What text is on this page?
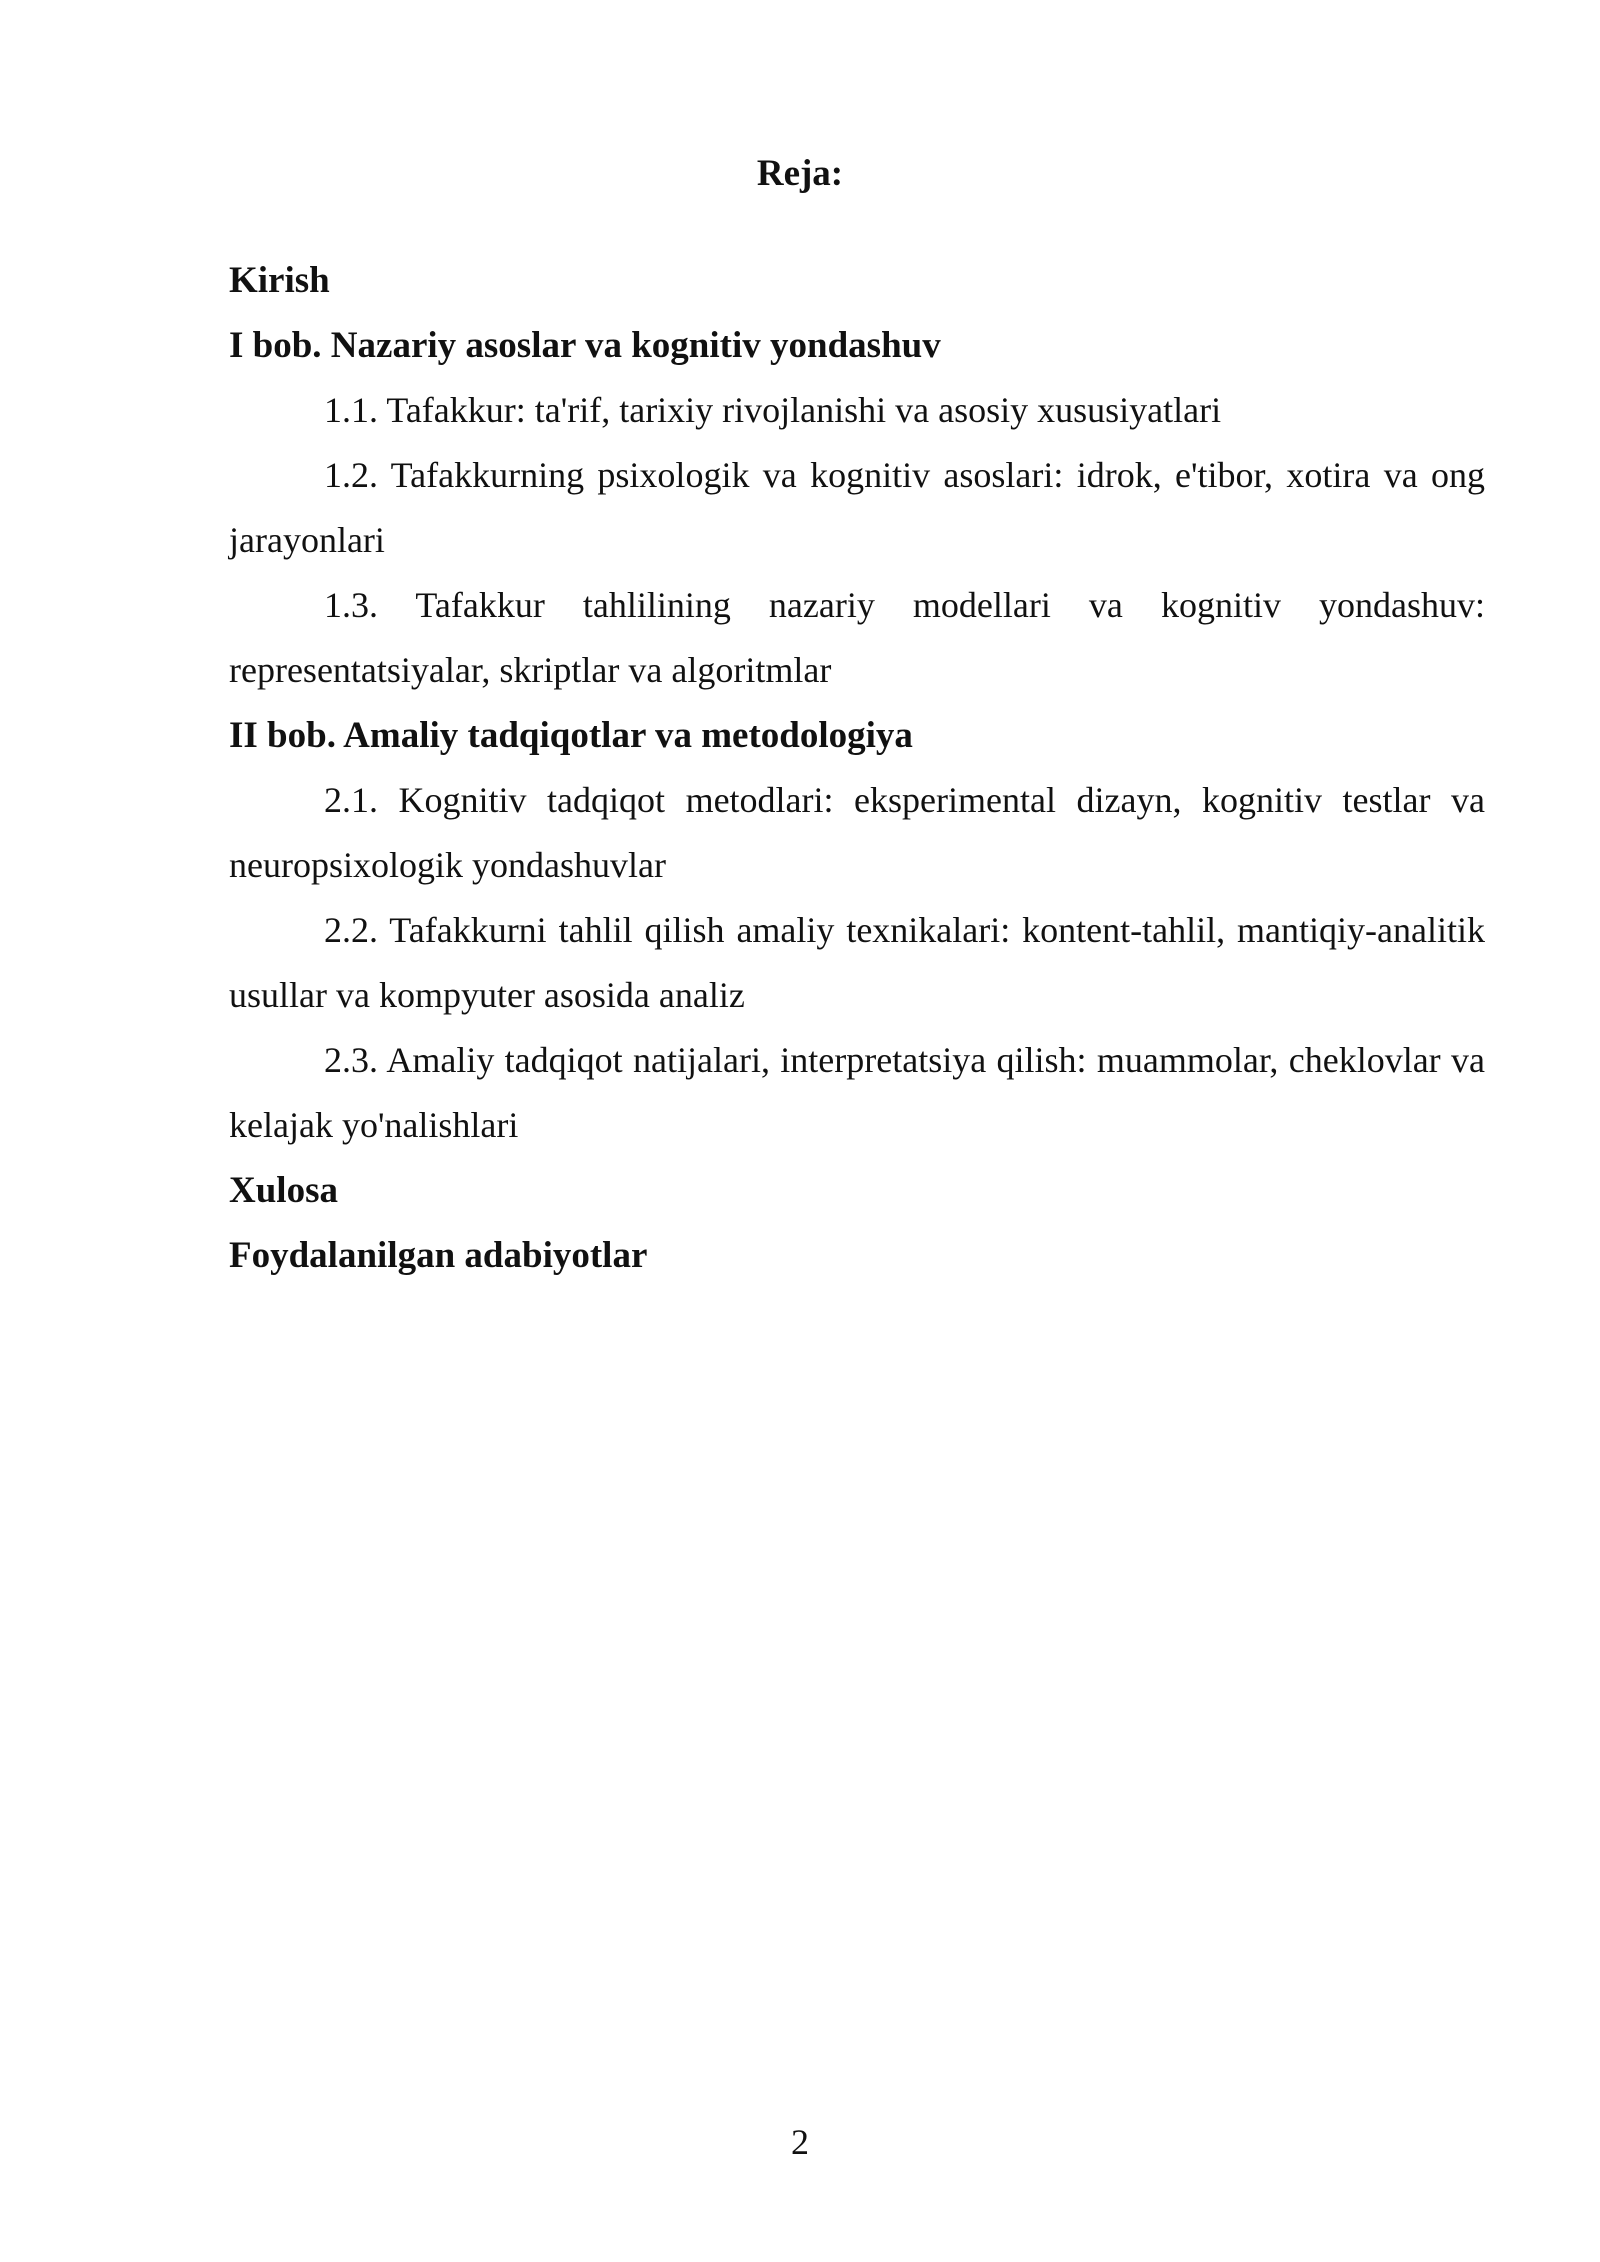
Reja:

Kirish

I bob. Nazariy asoslar va kognitiv yondashuv

1.1. Tafakkur: ta'rif, tarixiy rivojlanishi va asosiy xususiyatlari

1.2. Tafakkurning psixologik va kognitiv asoslari: idrok, e'tibor, xotira va ong jarayonlari

1.3. Tafakkur tahlilining nazariy modellari va kognitiv yondashuv: representatsiyalar, skriptlar va algoritmlar

II bob. Amaliy tadqiqotlar va metodologiya

2.1. Kognitiv tadqiqot metodlari: eksperimental dizayn, kognitiv testlar va neuropsixologik yondashuvlar

2.2. Tafakkurni tahlil qilish amaliy texnikalari: kontent-tahlil, mantiqiy-analitik usullar va kompyuter asosida analiz

2.3. Amaliy tadqiqot natijalari, interpretatsiya qilish: muammolar, cheklovlar va kelajak yo'nalishlari

Xulosa

Foydalanilgan adabiyotlar

2
